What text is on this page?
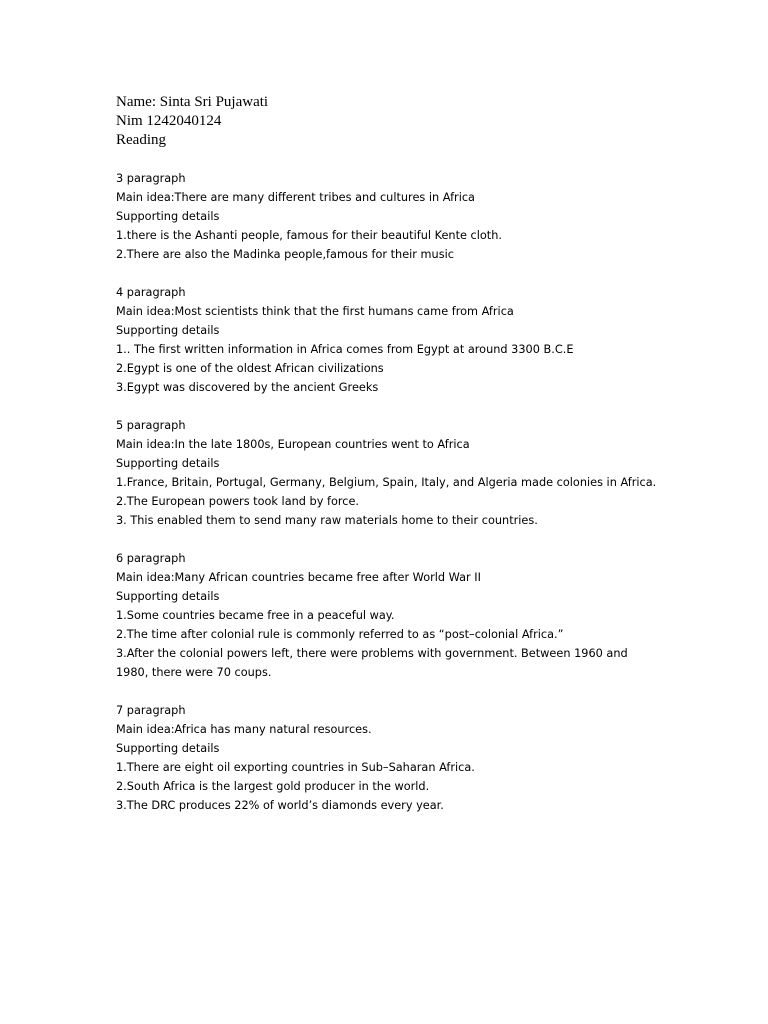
Name: Sinta Sri Pujawati

Nim 1242040124

Reading

3 paragraph

Main idea:There are many different tribes and cultures in Africa

Supporting details

1.there is the Ashanti people, famous for their beautiful Kente cloth.

2.There are also the Madinka people,famous for their music

4 paragraph

Main idea:Most scientists think that the first humans came from Africa

Supporting details

1.. The first written information in Africa comes from Egypt at around 3300 B.C.E

2.Egypt is one of the oldest African civilizations

3.Egypt was discovered by the ancient Greeks

5 paragraph

Main idea:In the late 1800s, European countries went to Africa

Supporting details

1.France, Britain, Portugal, Germany, Belgium, Spain, Italy, and Algeria made colonies in Africa.

2.The European powers took land by force.

3. This enabled them to send many raw materials home to their countries.

6 paragraph

Main idea:Many African countries became free after World War II

Supporting details

1.Some countries became free in a peaceful way.

2.The time after colonial rule is commonly referred to as “post–colonial Africa.”

3.After the colonial powers left, there were problems with government. Between 1960 and 1980, there were 70 coups.

7 paragraph

Main idea:Africa has many natural resources.

Supporting details

1.There are eight oil exporting countries in Sub–Saharan Africa.

2.South Africa is the largest gold producer in the world.

3.The DRC produces 22% of world’s diamonds every year.
